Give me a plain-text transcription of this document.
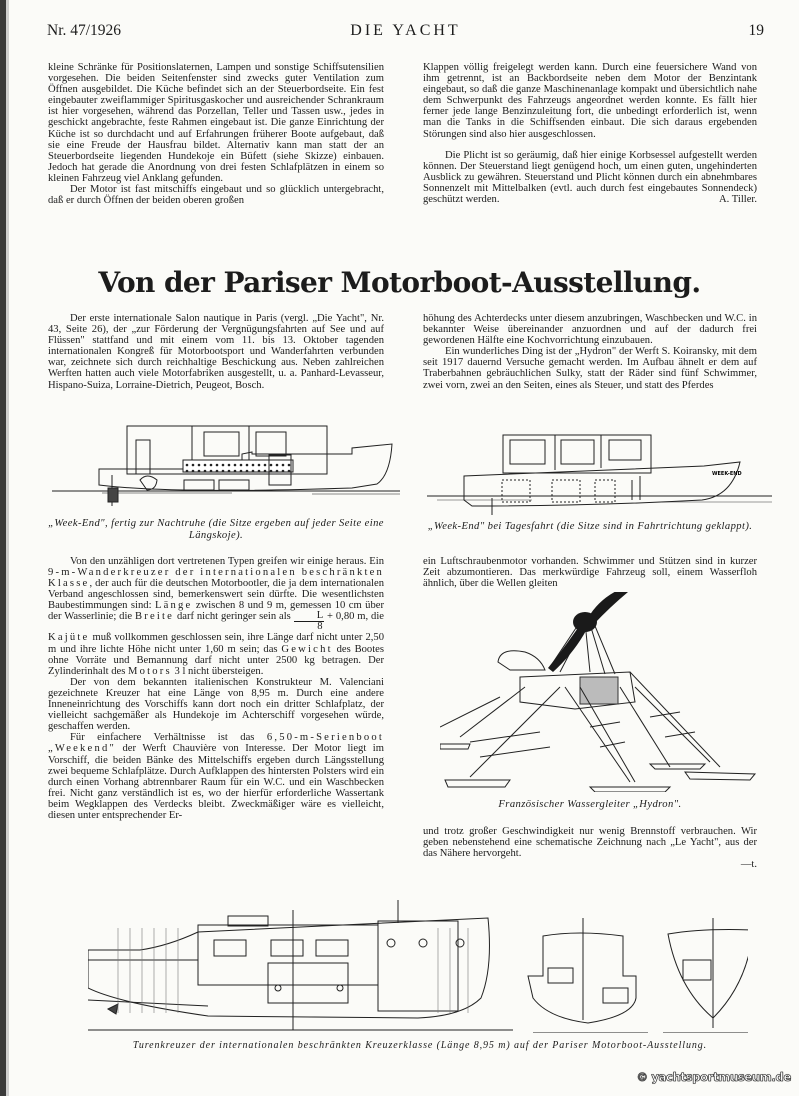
Nr. 47/1926	DIE YACHT	19

kleine Schränke für Positionslaternen, Lampen und sonstige Schiffsutensilien vorgesehen. Die beiden Seitenfenster sind zwecks guter Ventilation zum Öffnen ausgebildet. Die Küche befindet sich an der Steuerbordseite. Ein fest eingebauter zweiflammiger Spiritusgaskocher und ausreichender Schrankraum ist hier vorgesehen, während das Porzellan, Teller und Tassen usw., jedes in geschickt angebrachte, feste Rahmen eingebaut ist. Die ganze Einrichtung der Küche ist so durchdacht und auf Erfahrungen früherer Boote aufgebaut, daß sie eine Freude der Hausfrau bildet. Alternativ kann man statt der an Steuerbordseite liegenden Hundekoje ein Büfett (siehe Skizze) einbauen. Jedoch hat gerade die Anordnung von drei festen Schlafplätzen in einem so kleinen Fahrzeug viel Anklang gefunden.

Der Motor ist fast mitschiffs eingebaut und so glücklich untergebracht, daß er durch Öffnen der beiden oberen großen

Klappen völlig freigelegt werden kann. Durch eine feuersichere Wand von ihm getrennt, ist an Backbordseite neben dem Motor der Benzintank eingebaut, so daß die ganze Maschinenanlage kompakt und übersichtlich nahe dem Schwerpunkt des Fahrzeugs angeordnet werden konnte. Es fällt hier ferner jede lange Benzinzuleitung fort, die unbedingt erforderlich ist, wenn man die Tanks in die Schiffsenden einbaut. Die sich daraus ergebenden Störungen sind also hier ausgeschlossen.

Die Plicht ist so geräumig, daß hier einige Korbsessel aufgestellt werden können. Der Steuerstand liegt genügend hoch, um einen guten, ungehinderten Ausblick zu gewähren. Steuerstand und Plicht können durch ein abnehmbares Sonnenzelt mit Mittelbalken (evtl. auch durch fest eingebautes Sonnendeck) geschützt werden.	A. Tiller.

Von der Pariser Motorboot-Ausstellung.

Der erste internationale Salon nautique in Paris (vergl. „Die Yacht", Nr. 43, Seite 26), der „zur Förderung der Vergnügungsfahrten auf See und auf Flüssen" stattfand und mit einem vom 11. bis 13. Oktober tagenden internationalen Kongreß für Motorbootsport und Wanderfahrten verbunden war, zeichnete sich durch reichhaltige Beschickung aus. Neben zahlreichen Werften hatten auch viele Motorfabriken ausgestellt, u. a. Panhard-Levasseur, Hispano-Suiza, Lorraine-Dietrich, Peugeot, Bosch.

höhung des Achterdecks unter diesem anzubringen, Waschbecken und W.C. in bekannter Weise übereinander anzuordnen und auf der dadurch frei gewordenen Hälfte eine Kochvorrichtung einzubauen.

Ein wunderliches Ding ist der „Hydron" der Werft S. Koiransky, mit dem seit 1917 dauernd Versuche gemacht werden. Im Aufbau ähnelt er dem auf Traberbahnen gebräuchlichen Sulky, statt der Räder sind fünf Schwimmer, zwei vorn, zwei an den Seiten, eines als Steuer, und statt des Pferdes

„Week-End", fertig zur Nachtruhe (die Sitze ergeben auf jeder Seite eine Längskoje).
WEEK-END
„Week-End" bei Tagesfahrt (die Sitze sind in Fahrtrichtung geklappt).

Von den unzähligen dort vertretenen Typen greifen wir einige heraus. Ein 9-m-Wanderkreuzer der internationalen beschränkten Klasse, der auch für die deutschen Motorbootler, die ja dem internationalen Verband angeschlossen sind, bemerkenswert sein dürfte. Die wesentlichsten Baubestimmungen sind: Länge zwischen 8 und 9 m, gemessen 10 cm über der Wasserlinie; die Breite darf nicht geringer sein als $\frac{L}{8} + 0,80$ m, die Kajüte muß vollkommen geschlossen sein, ihre Länge darf nicht unter 2,50 m und ihre lichte Höhe nicht unter 1,60 m sein; das Gewicht des Bootes ohne Vorräte und Bemannung darf nicht unter 2500 kg betragen. Der Zylinderinhalt des Motors 3 l nicht übersteigen.

Der von dem bekannten italienischen Konstrukteur M. Valenciani gezeichnete Kreuzer hat eine Länge von 8,95 m. Durch eine andere Inneneinrichtung des Vorschiffs kann dort noch ein dritter Schlafplatz, der vielleicht sachgemäßer als Hundekoje im Achterschiff vorgesehen würde, geschaffen werden.

Für einfachere Verhältnisse ist das 6,50-m-Serienboot „Weekend" der Werft Chauvière von Interesse. Der Motor liegt im Vorschiff, die beiden Bänke des Mittelschiffs ergeben durch Längsstellung zwei bequeme Schlafplätze. Durch Aufklappen des hintersten Polsters wird ein durch einen Vorhang abtrennbarer Raum für ein W.C. und ein Waschbecken frei. Nicht ganz verständlich ist es, wo der hierfür erforderliche Wassertank beim Wegklappen des Verdecks bleibt. Zweckmäßiger wäre es vielleicht, diesen unter entsprechender Er-

ein Luftschraubenmotor vorhanden. Schwimmer und Stützen sind in kurzer Zeit abzumontieren. Das merkwürdige Fahrzeug soll, einem Wasserfloh ähnlich, über die Wellen gleiten

Französischer Wassergleiter „Hydron".

und trotz großer Geschwindigkeit nur wenig Brennstoff verbrauchen. Wir geben nebenstehend eine schematische Zeichnung nach „Le Yacht", aus der das Nähere hervorgeht.

—t.

Turenkreuzer der internationalen beschränkten Kreuzerklasse (Länge 8,95 m) auf der Pariser Motorboot-Ausstellung.
© yachtsportmuseum.de
